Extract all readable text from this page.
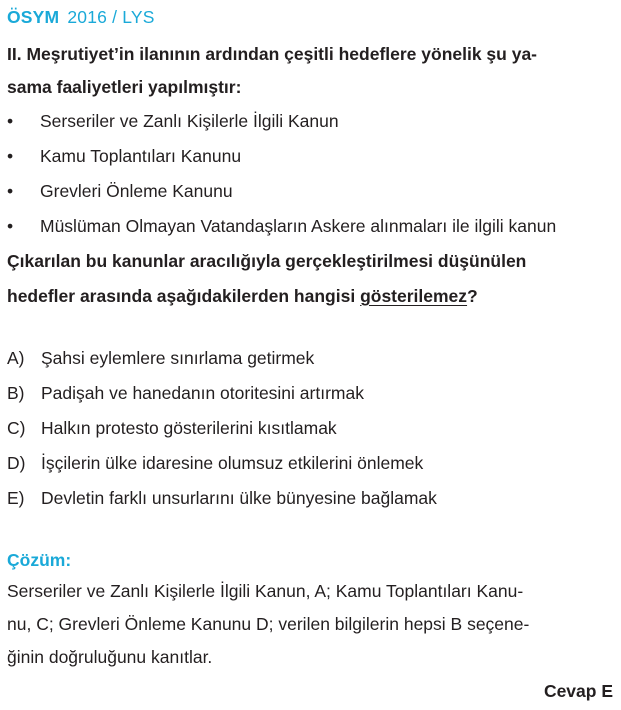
ÖSYM 2016 / LYS
II. Meşrutiyet’in ilanının ardından çeşitli hedeflere yönelik şu ya-
sama faaliyetleri yapılmıştır:
•	Serseriler ve Zanlı Kişilerle İlgili Kanun
•	Kamu Toplantıları Kanunu
•	Grevleri Önleme Kanunu
•	Müslüman Olmayan Vatandaşların Askere alınmaları ile ilgili kanun
Çıkarılan bu kanunlar aracılığıyla gerçekleştirilmesi düşünülen
hedefler arasında aşağıdakilerden hangisi gösterilemez?
A) Şahsi eylemlere sınırlama getirmek
B) Padişah ve hanedanın otoritesini artırmak
C) Halkın protesto gösterilerini kısıtlamak
D) İşçilerin ülke idaresine olumsuz etkilerini önlemek
E) Devletin farklı unsurlarını ülke bünyesine bağlamak
Çözüm:
Serseriler ve Zanlı Kişilerle İlgili Kanun, A; Kamu Toplantıları Kanu-
nu, C; Grevleri Önleme Kanunu D; verilen bilgilerin hepsi B seçene-
ğinin doğruluğunu kanıtlar.
Cevap E
